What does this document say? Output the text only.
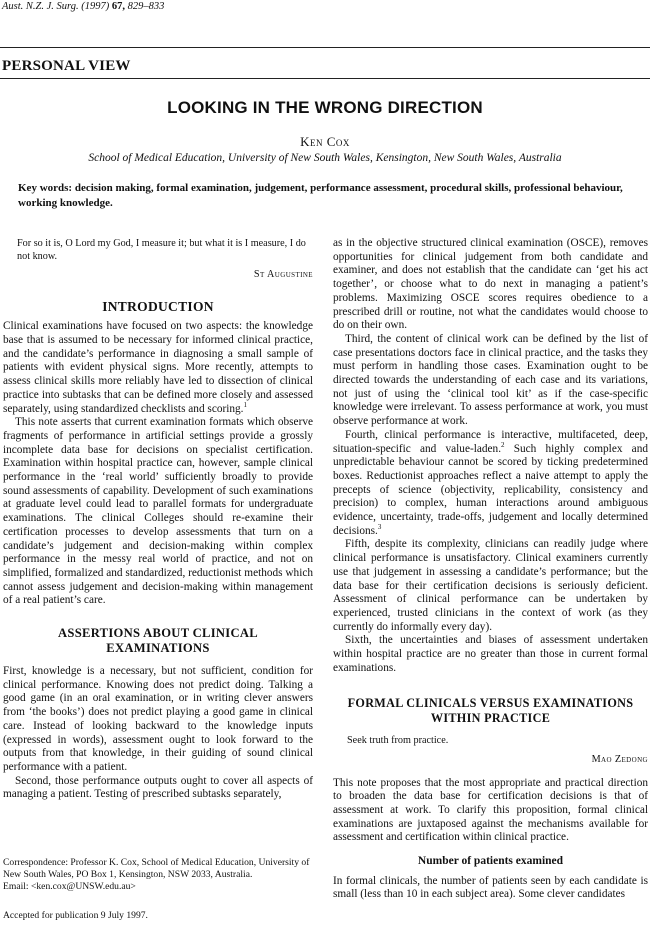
Aust. N.Z. J. Surg. (1997) 67, 829–833
PERSONAL VIEW
LOOKING IN THE WRONG DIRECTION
Ken Cox
School of Medical Education, University of New South Wales, Kensington, New South Wales, Australia
Key words: decision making, formal examination, judgement, performance assessment, procedural skills, professional behaviour, working knowledge.
For so it is, O Lord my God, I measure it; but what it is I measure, I do not know.
St Augustine
INTRODUCTION

Clinical examinations have focused on two aspects: the knowledge base that is assumed to be necessary for informed clinical practice, and the candidate’s performance in diagnosing a small sample of patients with evident physical signs. More recently, attempts to assess clinical skills more reliably have led to dissection of clinical practice into subtasks that can be defined more closely and assessed separately, using standardized checklists and scoring.$^1$

This note asserts that current examination formats which observe fragments of performance in artificial settings provide a grossly incomplete data base for decisions on specialist certification. Examination within hospital practice can, however, sample clinical performance in the ‘real world’ sufficiently broadly to provide sound assessments of capability. Development of such examinations at graduate level could lead to parallel formats for undergraduate examinations. The clinical Colleges should re-examine their certification processes to develop assessments that turn on a candidate’s judgement and decision-making within complex performance in the messy real world of practice, and not on simplified, formalized and standardized, reductionist methods which cannot assess judgement and decision-making within management of a real patient’s care.

ASSERTIONS ABOUT CLINICAL EXAMINATIONS

First, knowledge is a necessary, but not sufficient, condition for clinical performance. Knowing does not predict doing. Talking a good game (in an oral examination, or in writing clever answers from ‘the books’) does not predict playing a good game in clinical care. Instead of looking backward to the knowledge inputs (expressed in words), assessment ought to look forward to the outputs from that knowledge, in their guiding of sound clinical performance with a patient.

Second, those performance outputs ought to cover all aspects of managing a patient. Testing of prescribed subtasks separately,

Correspondence: Professor K. Cox, School of Medical Education, University of New South Wales, PO Box 1, Kensington, NSW 2033, Australia.
Email: <ken.cox@UNSW.edu.au>
Accepted for publication 9 July 1997.

as in the objective structured clinical examination (OSCE), removes opportunities for clinical judgement from both candidate and examiner, and does not establish that the candidate can ‘get his act together’, or choose what to do next in managing a patient’s problems. Maximizing OSCE scores requires obedience to a prescribed drill or routine, not what the candidates would choose to do on their own.

Third, the content of clinical work can be defined by the list of case presentations doctors face in clinical practice, and the tasks they must perform in handling those cases. Examination ought to be directed towards the understanding of each case and its variations, not just of using the ‘clinical tool kit’ as if the case-specific knowledge were irrelevant. To assess performance at work, you must observe performance at work.

Fourth, clinical performance is interactive, multifaceted, deep, situation-specific and value-laden.$^2$ Such highly complex and unpredictable behaviour cannot be scored by ticking predetermined boxes. Reductionist approaches reflect a naive attempt to apply the precepts of science (objectivity, replicability, consistency and precision) to complex, human interactions around ambiguous evidence, uncertainty, trade-offs, judgement and locally determined decisions.$^3$

Fifth, despite its complexity, clinicians can readily judge where clinical performance is unsatisfactory. Clinical examiners currently use that judgement in assessing a candidate’s performance; but the data base for their certification decisions is seriously deficient. Assessment of clinical performance can be undertaken by experienced, trusted clinicians in the context of work (as they currently do informally every day).

Sixth, the uncertainties and biases of assessment undertaken within hospital practice are no greater than those in current formal examinations.

FORMAL CLINICALS VERSUS EXAMINATIONS WITHIN PRACTICE
Seek truth from practice.
Mao Zedong

This note proposes that the most appropriate and practical direction to broaden the data base for certification decisions is that of assessment at work. To clarify this proposition, formal clinical examinations are juxtaposed against the mechanisms available for assessment and certification within clinical practice.

Number of patients examined

In formal clinicals, the number of patients seen by each candidate is small (less than 10 in each subject area). Some clever candidates
